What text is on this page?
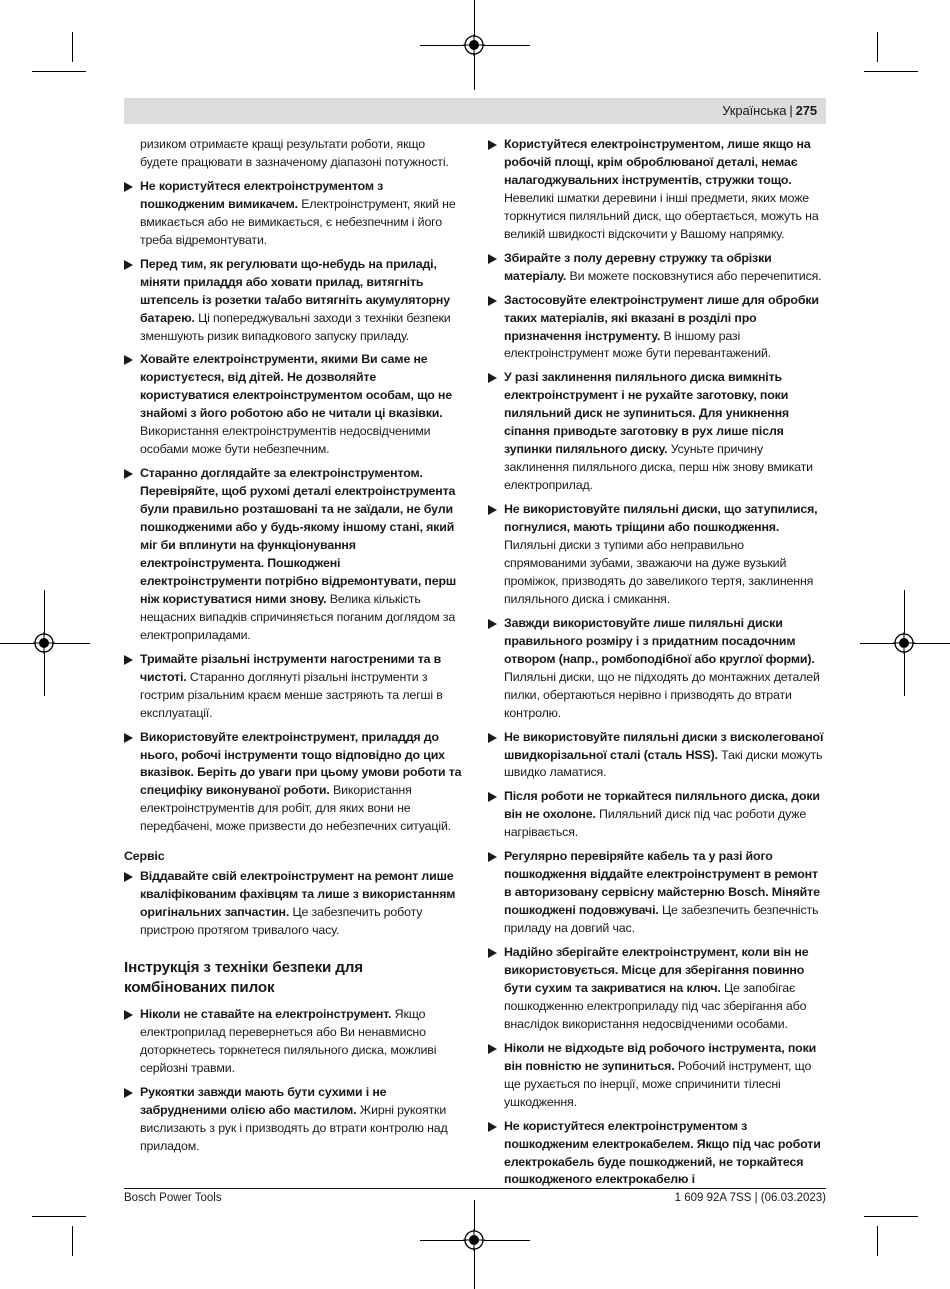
Українська | 275
ризиком отримаєте кращі результати роботи, якщо будете працювати в зазначеному діапазоні потужності.
Не користуйтеся електроінструментом з пошкодженим вимикачем. Електроінструмент, який не вмикається або не вимикається, є небезпечним і його треба відремонтувати.
Перед тим, як регулювати що-небудь на приладі, міняти приладдя або ховати прилад, витягніть штепсель із розетки та/або витягніть акумуляторну батарею. Ці попереджувальні заходи з техніки безпеки зменшують ризик випадкового запуску приладу.
Ховайте електроінструменти, якими Ви саме не користуєтеся, від дітей. Не дозволяйте користуватися електроінструментом особам, що не знайомі з його роботою або не читали ці вказівки. Використання електроінструментів недосвідченими особами може бути небезпечним.
Старанно доглядайте за електроінструментом. Перевіряйте, щоб рухомі деталі електроінструмента були правильно розташовані та не заїдали, не були пошкодженими або у будь-якому іншому стані, який міг би вплинути на функціонування електроінструмента. Пошкоджені електроінструменти потрібно відремонтувати, перш ніж користуватися ними знову. Велика кількість нещасних випадків спричиняється поганим доглядом за електроприладами.
Тримайте різальні інструменти нагостреними та в чистоті. Старанно доглянуті різальні інструменти з гострим різальним краєм менше застряють та легші в експлуатації.
Використовуйте електроінструмент, приладдя до нього, робочі інструменти тощо відповідно до цих вказівок. Беріть до уваги при цьому умови роботи та специфіку виконуваної роботи. Використання електроінструментів для робіт, для яких вони не передбачені, може призвести до небезпечних ситуацій.
Сервіс
Віддавайте свій електроінструмент на ремонт лише кваліфікованим фахівцям та лише з використанням оригінальних запчастин. Це забезпечить роботу пристрою протягом тривалого часу.
Інструкція з техніки безпеки для комбінованих пилок
Ніколи не ставайте на електроінструмент. Якщо електроприлад перевернеться або Ви ненавмисно доторкнетесь торкнетеся пиляльного диска, можливі серйозні травми.
Рукоятки завжди мають бути сухими і не забрудненими олією або мастилом. Жирні рукоятки вислизають з рук і призводять до втрати контролю над приладом.
Користуйтеся електроінструментом, лише якщо на робочій площі, крім оброблюваної деталі, немає налагоджувальних інструментів, стружки тощо. Невеликі шматки деревини і інші предмети, яких може торкнутися пиляльний диск, що обертається, можуть на великій швидкості відскочити у Вашому напрямку.
Збирайте з полу деревну стружку та обрізки матеріалу. Ви можете посковзнутися або перечепитися.
Застосовуйте електроінструмент лише для обробки таких матеріалів, які вказані в розділі про призначення інструменту. В іншому разі електроінструмент може бути перевантажений.
У разі заклинення пиляльного диска вимкніть електроінструмент і не рухайте заготовку, поки пиляльний диск не зупиниться. Для уникнення сіпання приводьте заготовку в рух лише після зупинки пиляльного диску. Усуньте причину заклинення пиляльного диска, перш ніж знову вмикати електроприлад.
Не використовуйте пиляльні диски, що затупилися, погнулися, мають тріщини або пошкодження. Пиляльні диски з тупими або неправильно спрямованими зубами, зважаючи на дуже вузький проміжок, призводять до завеликого тертя, заклинення пиляльного диска і смикання.
Завжди використовуйте лише пиляльні диски правильного розміру і з придатним посадочним отвором (напр., ромбоподібної або круглої форми). Пиляльні диски, що не підходять до монтажних деталей пилки, обертаються нерівно і призводять до втрати контролю.
Не використовуйте пиляльні диски з висколегованої швидкорізальної сталі (сталь HSS). Такі диски можуть швидко ламатися.
Після роботи не торкайтеся пиляльного диска, доки він не охолоне. Пиляльний диск під час роботи дуже нагрівається.
Регулярно перевіряйте кабель та у разі його пошкодження віддайте електроінструмент в ремонт в авторизовану сервісну майстерню Bosch. Міняйте пошкоджені подовжувачі. Це забезпечить безпечність приладу на довгий час.
Надійно зберігайте електроінструмент, коли він не використовується. Місце для зберігання повинно бути сухим та закриватися на ключ. Це запобігає пошкодженню електроприладу під час зберігання або внаслідок використання недосвідченими особами.
Ніколи не відходьте від робочого інструмента, поки він повністю не зупиниться. Робочий інструмент, що ще рухається по інерції, може спричинити тілесні ушкодження.
Не користуйтеся електроінструментом з пошкодженим електрокабелем. Якщо під час роботи електрокабель буде пошкоджений, не торкайтеся пошкодженого електрокабелю і
Bosch Power Tools	1 609 92A 7SS | (06.03.2023)
